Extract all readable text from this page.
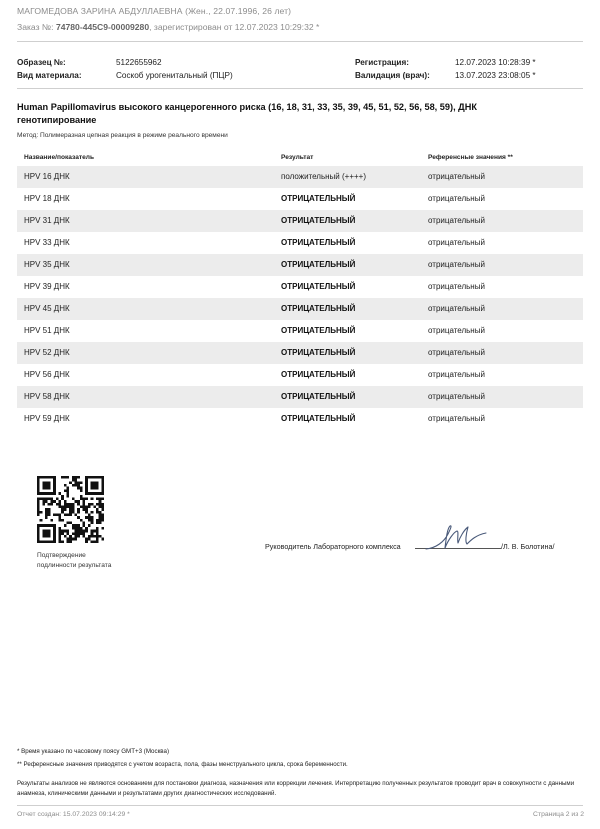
МАГОМЕДОВА ЗАРИНА АБДУЛЛАЕВНА (Жен., 22.07.1996, 26 лет)
Заказ №: 74780-445C9-00009280, зарегистрирован от 12.07.2023 10:29:32 *
Образец №:	5122655962
Вид материала:	Соскоб урогенитальный (ПЦР)
Регистрация:	12.07.2023 10:28:39 *
Валидация (врач):	13.07.2023 23:08:05 *
Human Papillomavirus высокого канцерогенного риска (16, 18, 31, 33, 35, 39, 45, 51, 52, 56, 58, 59), ДНК генотипирование
Метод: Полимеразная цепная реакция в режиме реального времени
Название/показатель	Результат	Референсные значения **
HPV 16 ДНК	положительный (++++)	отрицательный
HPV 18 ДНК	ОТРИЦАТЕЛЬНЫЙ	отрицательный
HPV 31 ДНК	ОТРИЦАТЕЛЬНЫЙ	отрицательный
HPV 33 ДНК	ОТРИЦАТЕЛЬНЫЙ	отрицательный
HPV 35 ДНК	ОТРИЦАТЕЛЬНЫЙ	отрицательный
HPV 39 ДНК	ОТРИЦАТЕЛЬНЫЙ	отрицательный
HPV 45 ДНК	ОТРИЦАТЕЛЬНЫЙ	отрицательный
HPV 51 ДНК	ОТРИЦАТЕЛЬНЫЙ	отрицательный
HPV 52 ДНК	ОТРИЦАТЕЛЬНЫЙ	отрицательный
HPV 56 ДНК	ОТРИЦАТЕЛЬНЫЙ	отрицательный
HPV 58 ДНК	ОТРИЦАТЕЛЬНЫЙ	отрицательный
HPV 59 ДНК	ОТРИЦАТЕЛЬНЫЙ	отрицательный
Подтверждение
подлинности результата
Руководитель Лабораторного комплекса	/Л. В. Болотина/
* Время указано по часовому поясу GMT+3 (Москва)
** Референсные значения приводятся с учетом возраста, пола, фазы менструального цикла, срока беременности.
Результаты анализов не являются основанием для постановки диагноза, назначения или коррекции лечения. Интерпретацию полученных результатов проводит врач в совокупности с данными анамнеза, клиническими данными и результатами других диагностических исследований.
Отчет создан: 15.07.2023 09:14:29 *	Страница 2 из 2
